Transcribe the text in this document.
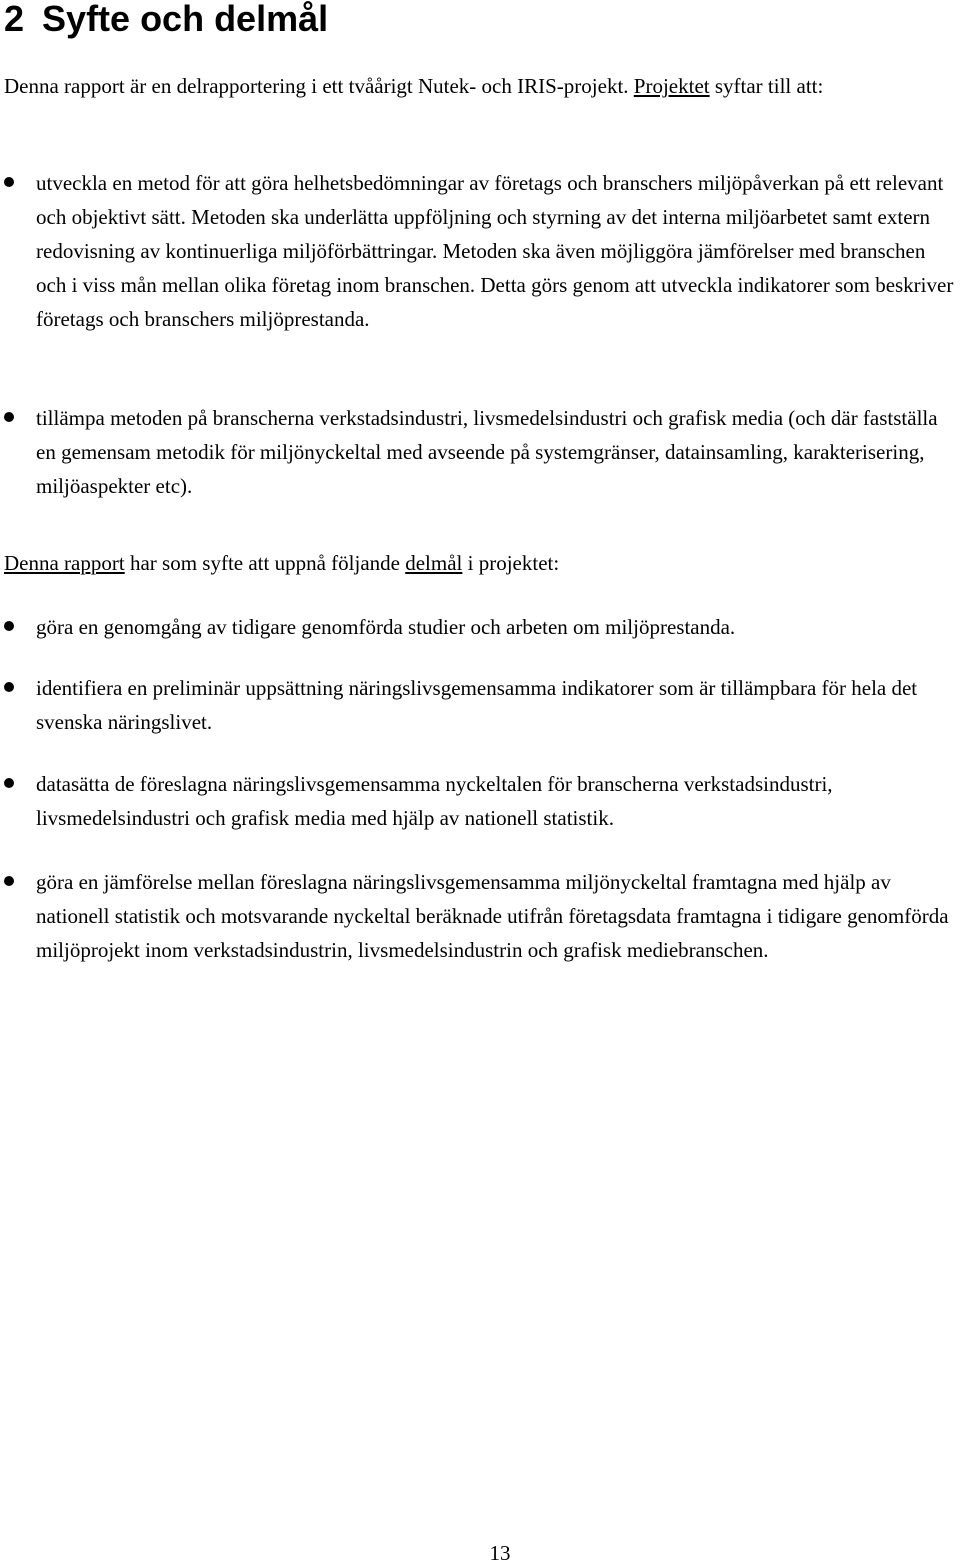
2 Syfte och delmål

Denna rapport är en delrapportering i ett tvåårigt Nutek- och IRIS-projekt. Projektet syftar till att:

utveckla en metod för att göra helhetsbedömningar av företags och branschers miljöpåverkan på ett relevant och objektivt sätt. Metoden ska underlätta uppföljning och styrning av det interna miljöarbetet samt extern redovisning av kontinuerliga miljöförbättringar. Metoden ska även möjliggöra jämförelser med branschen och i viss mån mellan olika företag inom branschen. Detta görs genom att utveckla indikatorer som beskriver företags och branschers miljöprestanda.
tillämpa metoden på branscherna verkstadsindustri, livsmedelsindustri och grafisk media (och där fastställa en gemensam metodik för miljönyckeltal med avseende på systemgränser, datainsamling, karakterisering, miljöaspekter etc).

Denna rapport har som syfte att uppnå följande delmål i projektet:

göra en genomgång av tidigare genomförda studier och arbeten om miljöprestanda.
identifiera en preliminär uppsättning näringslivsgemensamma indikatorer som är tillämpbara för hela det svenska näringslivet.
datasätta de föreslagna näringslivsgemensamma nyckeltalen för branscherna verkstadsindustri, livsmedelsindustri och grafisk media med hjälp av nationell statistik.
göra en jämförelse mellan föreslagna näringslivsgemensamma miljönyckeltal framtagna med hjälp av nationell statistik och motsvarande nyckeltal beräknade utifrån företagsdata framtagna i tidigare genomförda miljöprojekt inom verkstadsindustrin, livsmedelsindustrin och grafisk mediebranschen.
13
